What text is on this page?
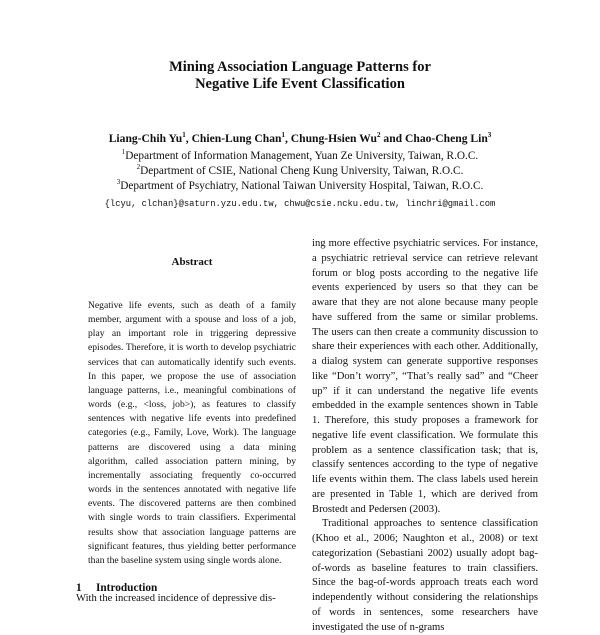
Mining Association Language Patterns for

Negative Life Event Classification

Liang-Chih Yu$^1$, Chien-Lung Chan$^1$, Chung-Hsien Wu$^2$ and Chao-Cheng Lin$^3$

$^1$Department of Information Management, Yuan Ze University, Taiwan, R.O.C.

$^2$Department of CSIE, National Cheng Kung University, Taiwan, R.O.C.

$^3$Department of Psychiatry, National Taiwan University Hospital, Taiwan, R.O.C.

{lcyu, clchan}@saturn.yzu.edu.tw, chwu@csie.ncku.edu.tw, linchri@gmail.com

Abstract

Negative life events, such as death of a family member, argument with a spouse and loss of a job, play an important role in triggering depressive episodes. Therefore, it is worth to develop psychiatric services that can automatically identify such events. In this paper, we propose the use of association language patterns, i.e., meaningful combinations of words (e.g., <loss, job>), as features to classify sentences with negative life events into predefined categories (e.g., Family, Love, Work). The language patterns are discovered using a data mining algorithm, called association pattern mining, by incrementally associating frequently co-occurred words in the sentences annotated with negative life events. The discovered patterns are then combined with single words to train classifiers. Experimental results show that association language patterns are significant features, thus yielding better performance than the baseline system using single words alone.

1 Introduction

With the increased incidence of depressive dis-

ing more effective psychiatric services. For instance, a psychiatric retrieval service can retrieve relevant forum or blog posts according to the negative life events experienced by users so that they can be aware that they are not alone because many people have suffered from the same or similar problems. The users can then create a community discussion to share their experiences with each other. Additionally, a dialog system can generate supportive responses like “Don’t worry”, “That’s really sad” and “Cheer up” if it can understand the negative life events embedded in the example sentences shown in Table 1. Therefore, this study proposes a framework for negative life event classification. We formulate this problem as a sentence classification task; that is, classify sentences according to the type of negative life events within them. The class labels used herein are presented in Table 1, which are derived from Brostedt and Pedersen (2003).

Traditional approaches to sentence classification (Khoo et al., 2006; Naughton et al., 2008) or text categorization (Sebastiani 2002) usually adopt bag-of-words as baseline features to train classifiers. Since the bag-of-words approach treats each word independently without considering the relationships of words in sentences, some researchers have investigated the use of n-grams
